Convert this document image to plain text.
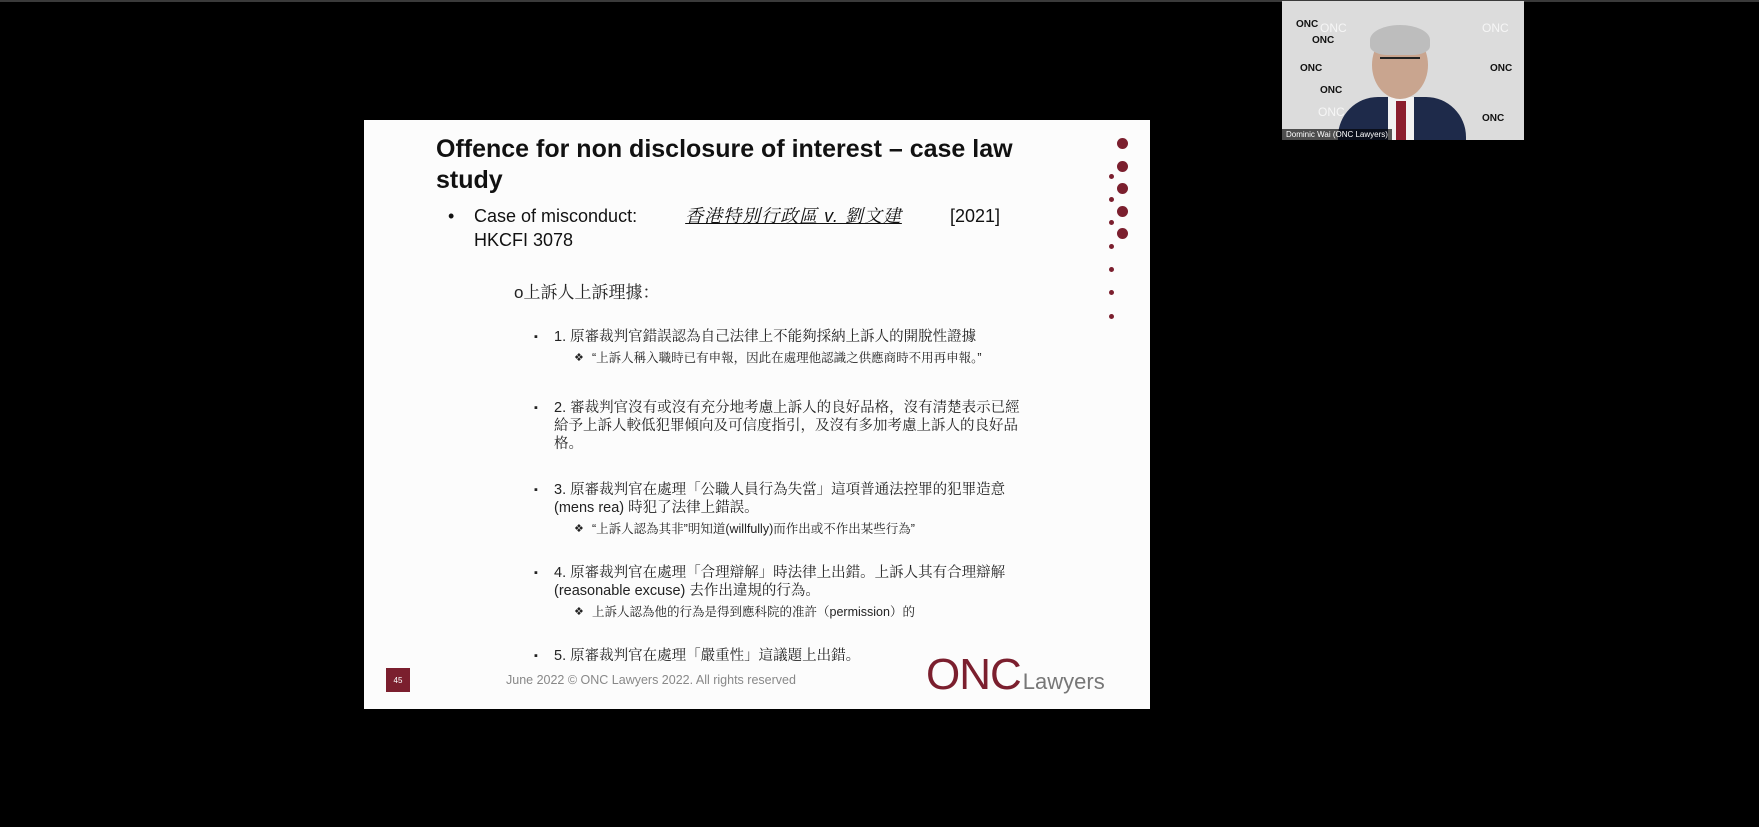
Offence for non disclosure of interest – case law study
• Case of misconduct:	香港特別行政區 v. 劉文建	[2021]
HKCFI 3078
o上訴人上訴理據：
▪ 1. 原審裁判官錯誤認為自己法律上不能夠採納上訴人的開脫性證據
❖ “上訴人稱入職時已有申報，因此在處理他認識之供應商時不用再申報。”
▪ 2. 審裁判官沒有或沒有充分地考慮上訴人的良好品格，沒有清楚表示已經給予上訴人較低犯罪傾向及可信度指引，及沒有多加考慮上訴人的良好品格。
▪ 3. 原審裁判官在處理「公職人員行為失當」這項普通法控罪的犯罪造意 (mens rea) 時犯了法律上錯誤。
❖ “上訴人認為其非”明知道(willfully)而作出或不作出某些行為”
▪ 4. 原審裁判官在處理「合理辯解」時法律上出錯。上訴人其有合理辯解(reasonable excuse) 去作出違規的行為。
❖ 上訴人認為他的行為是得到應科院的准許（permission）的
▪ 5. 原審裁判官在處理「嚴重性」這議題上出錯。
45	June 2022 © ONC Lawyers 2022. All rights reserved	ONCLawyers
ONC
ONC
ONC
ONC
ONC
ONC
ONC	ONC
ONC
Dominic Wai (ONC Lawyers)
